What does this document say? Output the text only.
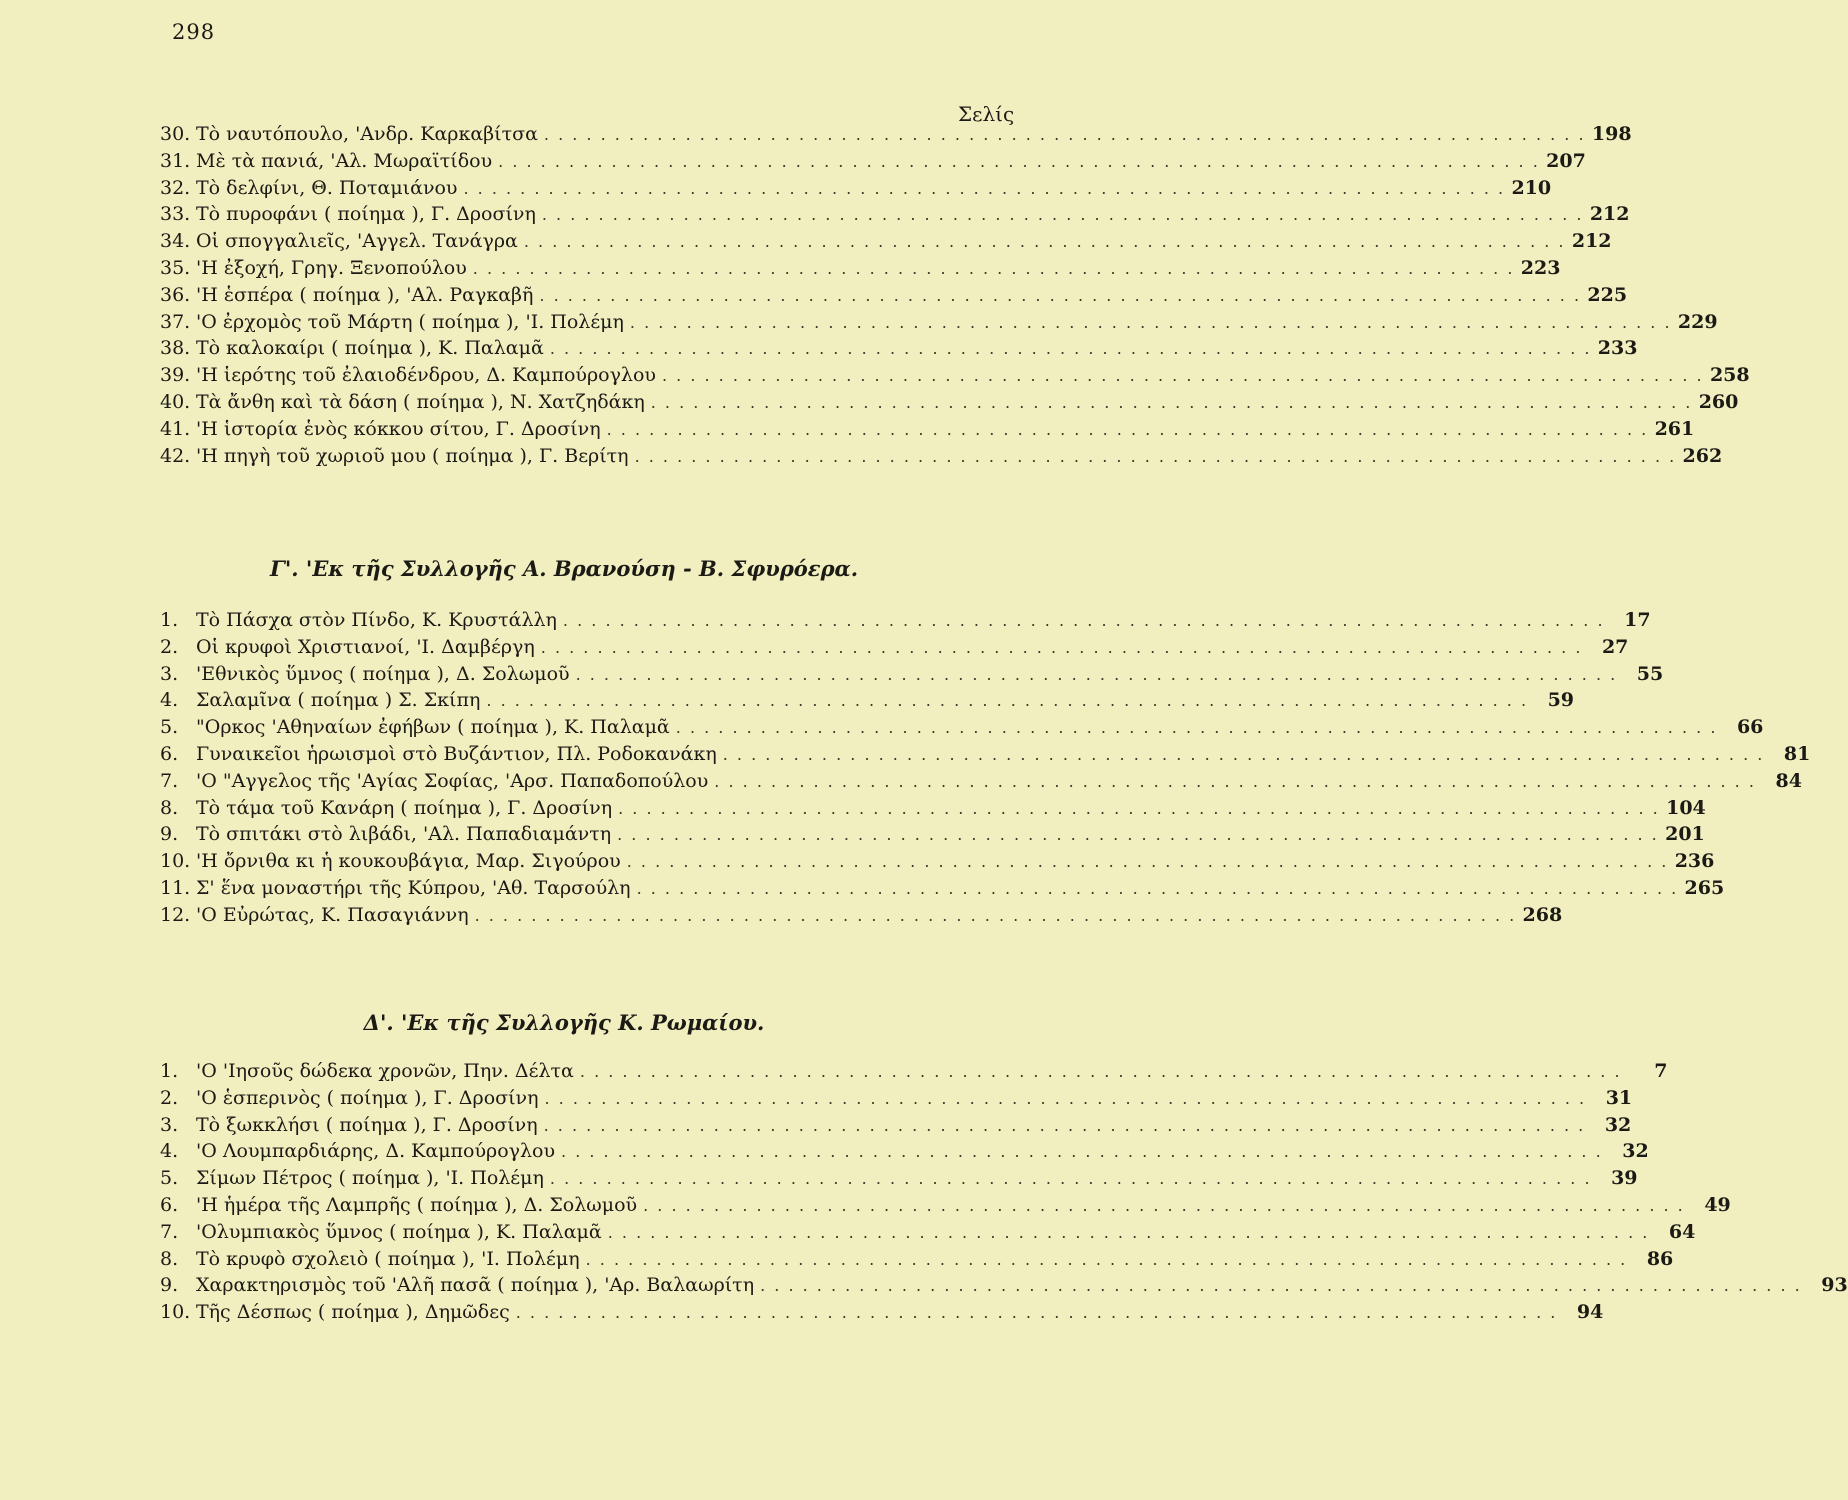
298
Σελίς
30. Τὸ ναυτόπουλο, 'Ανδρ. Καρκαβίτσα . . .	198
31. Μὲ τὰ πανιά, 'Αλ. Μωραϊτίδου . . .	207
32. Τὸ δελφίνι, Θ. Ποταμιάνου . . .	210
33. Τὸ πυροφάνι ( ποίημα ), Γ. Δροσίνη . . .	212
34. Οἱ σπογγαλιεῖς, 'Αγγελ. Τανάγρα . . .	212
35. 'Η ἐξοχή, Γρηγ. Ξενοπούλου . . .	223
36. 'Η ἑσπέρα ( ποίημα ), 'Αλ. Ραγκαβῆ . . .	225
37. 'Ο ἐρχομὸς τοῦ Μάρτη ( ποίημα ), 'Ι. Πολέμη . . .	229
38. Τὸ καλοκαίρι ( ποίημα ), Κ. Παλαμᾶ . . .	233
39. 'Η ἱερότης τοῦ ἐλαιοδένδρου, Δ. Καμπούρογλου . . .	258
40. Τὰ ἄνθη καὶ τὰ δάση ( ποίημα ), Ν. Χατζηδάκη . . .	260
41. 'Η ἱστορία ἑνὸς κόκκου σίτου, Γ. Δροσίνη . . .	261
42. 'Η πηγὴ τοῦ χωριοῦ μου ( ποίημα ), Γ. Βερίτη . . .	262
Γ'. 'Εκ τῆς Συλλογῆς Α. Βρανούση - Β. Σφυρόερα.
1. Τὸ Πάσχα στὸν Πίνδο, Κ. Κρυστάλλη . . .	17
2. Οἱ κρυφοὶ Χριστιανοί, 'Ι. Δαμβέργη . . .	27
3. 'Εθνικὸς ὕμνος ( ποίημα ), Δ. Σολωμοῦ . . .	55
4. Σαλαμῖνα ( ποίημα ) Σ. Σκίπη . . .	59
5. "Ορκος 'Αθηναίων ἐφήβων ( ποίημα ), Κ. Παλαμᾶ . . .	66
6. Γυναικεῖοι ἡρωισμοὶ στὸ Βυζάντιον, Πλ. Ροδοκανάκη . . .	81
7. 'Ο "Αγγελος τῆς 'Αγίας Σοφίας, 'Αρσ. Παπαδοπούλου . . .	84
8. Τὸ τάμα τοῦ Κανάρη ( ποίημα ), Γ. Δροσίνη . . .	104
9. Τὸ σπιτάκι στὸ λιβάδι, 'Αλ. Παπαδιαμάντη . . .	201
10. 'Η ὄρνιθα κι ἡ κουκουβάγια, Μαρ. Σιγούρου . . .	236
11. Σ' ἕνα μοναστήρι τῆς Κύπρου, 'Αθ. Ταρσούλη . . .	265
12. 'Ο Εὐρώτας, Κ. Πασαγιάννη . . .	268
Δ'. 'Εκ τῆς Συλλογῆς Κ. Ρωμαίου.
1. 'Ο 'Ιησοῦς δώδεκα χρονῶν, Πην. Δέλτα . . .	7
2. 'Ο ἑσπερινὸς ( ποίημα ), Γ. Δροσίνη . . .	31
3. Τὸ ξωκκλήσι ( ποίημα ), Γ. Δροσίνη . . .	32
4. 'Ο Λουμπαρδιάρης, Δ. Καμπούρογλου . . .	32
5. Σίμων Πέτρος ( ποίημα ), 'Ι. Πολέμη . . .	39
6. 'Η ἡμέρα τῆς Λαμπρῆς ( ποίημα ), Δ. Σολωμοῦ . . .	49
7. 'Ολυμπιακὸς ὕμνος ( ποίημα ), Κ. Παλαμᾶ . . .	64
8. Τὸ κρυφὸ σχολειὸ ( ποίημα ), 'Ι. Πολέμη . . .	86
9. Χαρακτηρισμὸς τοῦ 'Αλῆ πασᾶ ( ποίημα ), 'Αρ. Βαλαωρίτη . . .	93
10. Τῆς Δέσπως ( ποίημα ), Δημῶδες . . .	94
